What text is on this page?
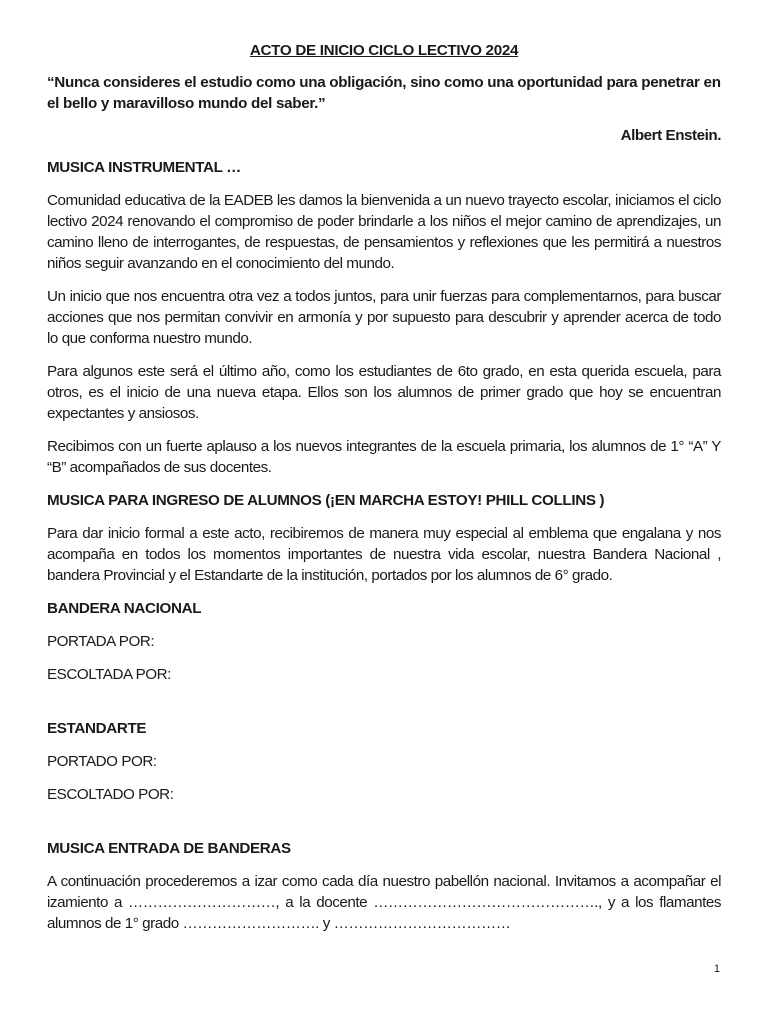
ACTO DE INICIO CICLO LECTIVO 2024

“Nunca consideres el estudio como una obligación, sino como una oportunidad para penetrar en el bello y maravilloso mundo del saber.”

Albert Enstein.

MUSICA INSTRUMENTAL …

Comunidad educativa de la EADEB les damos la bienvenida a un nuevo trayecto escolar, iniciamos el ciclo lectivo 2024 renovando el compromiso de poder brindarle a los niños el mejor camino de aprendizajes, un camino lleno de interrogantes, de respuestas, de pensamientos y reflexiones que les permitirá a nuestros niños seguir avanzando en el conocimiento del mundo.

Un inicio que nos encuentra otra vez a todos juntos, para unir fuerzas para complementarnos, para buscar acciones que nos permitan convivir en armonía y por supuesto para descubrir y aprender acerca de todo lo que conforma nuestro mundo.

Para algunos este será el último año, como los estudiantes de 6to grado, en esta querida escuela, para otros, es el inicio de una nueva etapa. Ellos son los alumnos de primer grado que hoy se encuentran expectantes y ansiosos.

Recibimos con un fuerte aplauso a los nuevos integrantes de la escuela primaria, los alumnos de 1° “A” Y “B” acompañados de sus docentes.

MUSICA PARA INGRESO DE ALUMNOS (¡EN MARCHA ESTOY! PHILL COLLINS )

Para dar inicio formal a este acto, recibiremos de manera muy especial al emblema que engalana y nos acompaña en todos los momentos importantes de nuestra vida escolar, nuestra Bandera Nacional , bandera Provincial y el Estandarte de la institución, portados por los alumnos de 6° grado.

BANDERA NACIONAL

PORTADA POR:

ESCOLTADA POR:

ESTANDARTE

PORTADO POR:

ESCOLTADO POR:

MUSICA ENTRADA DE BANDERAS

A continuación procederemos a izar como cada día nuestro pabellón nacional. Invitamos a acompañar el izamiento a …………………………, a la docente ………………………………………., y a los flamantes alumnos de 1° grado ………………………. y ………………………………

1
